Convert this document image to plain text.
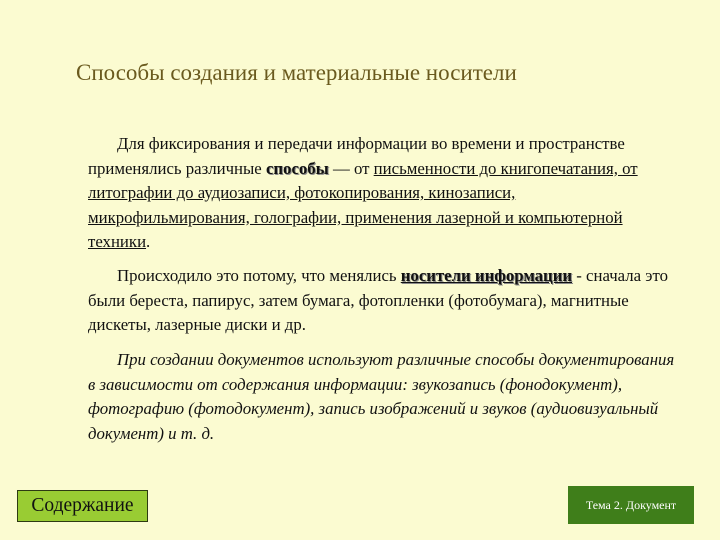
Способы создания и материальные носители
Для фиксирования и передачи информации во времени и пространстве применялись различные способы — от письменности до книгопечатания, от литографии до аудиозаписи, фотокопирования, кинозаписи, микрофильмирования, голографии, применения лазерной и компьютерной техники.
Происходило это потому, что менялись носители информации - сначала это были береста, папирус, затем бумага, фотопленки (фотобумага), магнитные дискеты, лазерные диски и др.
При создании документов используют различные способы документирования в зависимости от содержания информации: звукозапись (фонодокумент), фотографию (фотодокумент), запись изображений и звуков (аудиовизуальный документ) и т. д.
Содержание	Тема 2. Документ
